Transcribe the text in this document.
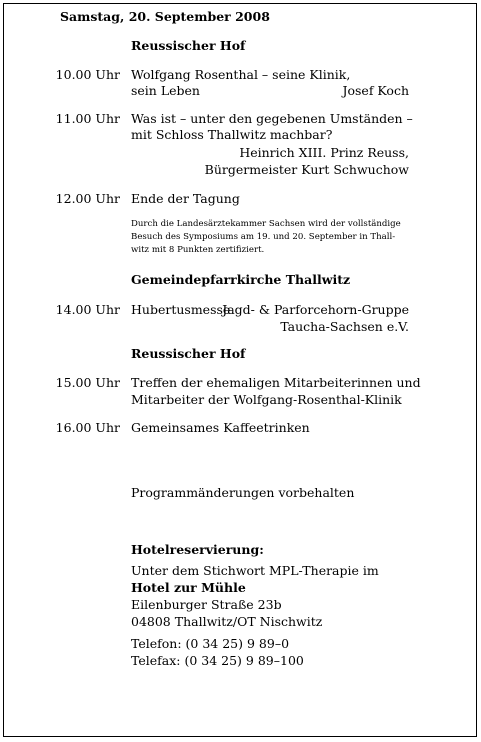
Samstag, 20. September 2008
Reussischer Hof
10.00 Uhr Wolfgang Rosenthal – seine Klinik,
sein Leben	Josef Koch
11.00 Uhr Was ist – unter den gegebenen Umständen –
mit Schloss Thallwitz machbar?
Heinrich XIII. Prinz Reuss,
Bürgermeister Kurt Schwuchow
12.00 Uhr Ende der Tagung
Durch die Landesärztekammer Sachsen wird der vollständige
Besuch des Symposiums am 19. und 20. September in Thall-
witz mit 8 Punkten zertifiziert.
Gemeindepfarrkirche Thallwitz
14.00 Uhr Hubertusmesse
Jagd- & Parforcehorn-Gruppe
Taucha-Sachsen e.V.
Reussischer Hof
15.00 Uhr Treffen der ehemaligen Mitarbeiterinnen und
Mitarbeiter der Wolfgang-Rosenthal-Klinik
16.00 Uhr Gemeinsames Kaffeetrinken
Programmänderungen vorbehalten
Hotelreservierung:
Unter dem Stichwort MPL-Therapie im
Hotel zur Mühle
Eilenburger Straße 23b
04808 Thallwitz/OT Nischwitz
Telefon: (0 34 25) 9 89–0
Telefax: (0 34 25) 9 89–100
